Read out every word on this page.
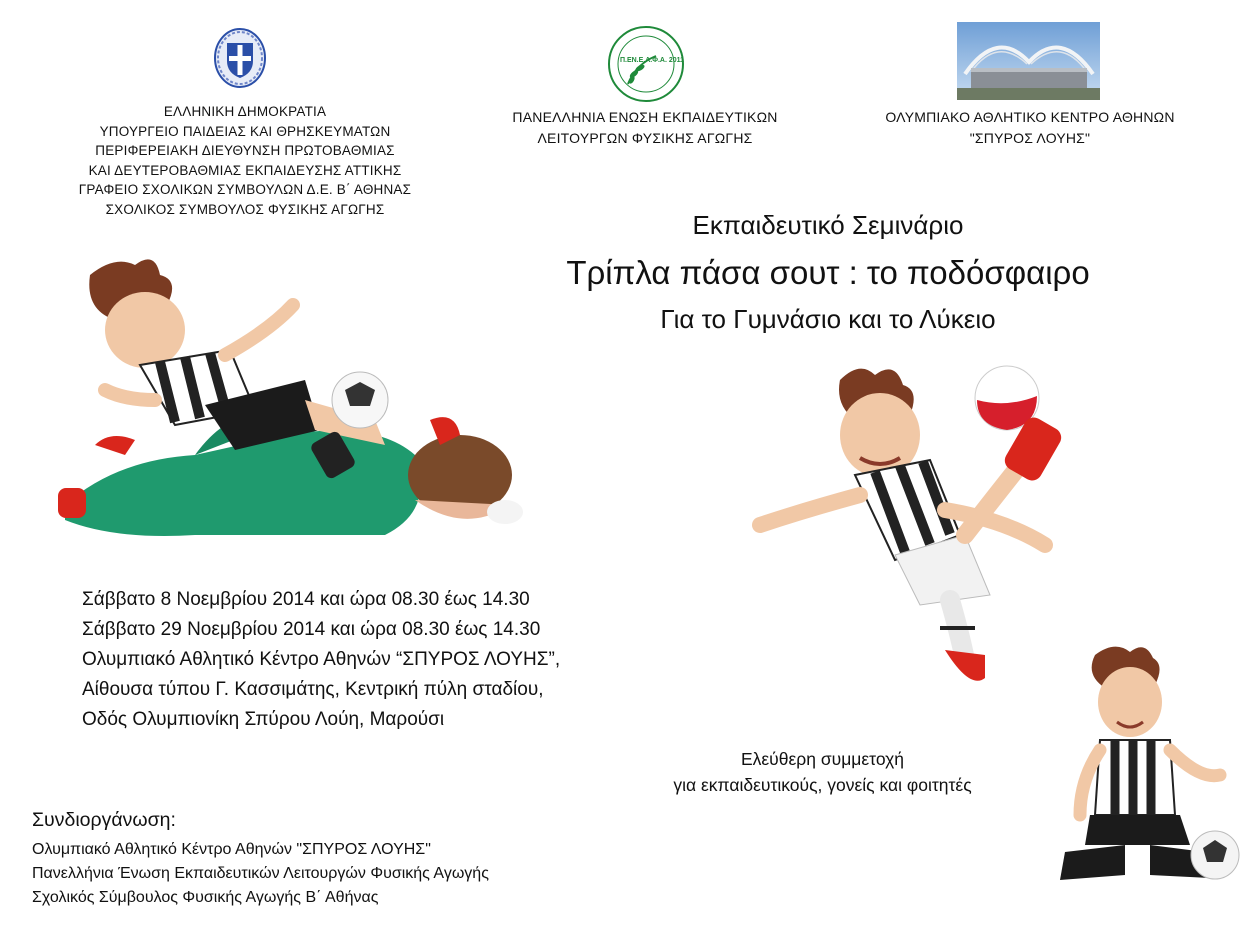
ΕΛΛΗΝΙΚΗ ΔΗΜΟΚΡΑΤΙΑ
ΥΠΟΥΡΓΕΙΟ ΠΑΙΔΕΙΑΣ ΚΑΙ ΘΡΗΣΚΕΥΜΑΤΩΝ
ΠΕΡΙΦΕΡΕΙΑΚΗ ΔΙΕΥΘΥΝΣΗ ΠΡΩΤΟΒΑΘΜΙΑΣ
ΚΑΙ ΔΕΥΤΕΡΟΒΑΘΜΙΑΣ ΕΚΠΑΙΔΕΥΣΗΣ ΑΤΤΙΚΗΣ
ΓΡΑΦΕΙΟ ΣΧΟΛΙΚΩΝ ΣΥΜΒΟΥΛΩΝ Δ.Ε. Β΄ ΑΘΗΝΑΣ
ΣΧΟΛΙΚΟΣ ΣΥΜΒΟΥΛΟΣ ΦΥΣΙΚΗΣ ΑΓΩΓΗΣ
Π.ΕΝ.Ε.Α.Φ.Α. 2011
ΠΑΝΕΛΛΗΝΙΑ ΕΝΩΣΗ ΕΚΠΑΙΔΕΥΤΙΚΩΝ
ΛΕΙΤΟΥΡΓΩΝ ΦΥΣΙΚΗΣ ΑΓΩΓΗΣ
ΟΛΥΜΠΙΑΚΟ ΑΘΛΗΤΙΚΟ ΚΕΝΤΡΟ ΑΘΗΝΩΝ
"ΣΠΥΡΟΣ ΛΟΥΗΣ"
Εκπαιδευτικό Σεμινάριο
Τρίπλα πάσα σουτ : το ποδόσφαιρο
Για το Γυμνάσιο και το Λύκειο
Σάββατο 8 Νοεμβρίου 2014 και ώρα 08.30 έως 14.30
Σάββατο 29 Νοεμβρίου 2014 και ώρα 08.30 έως 14.30
Ολυμπιακό Αθλητικό Κέντρο Αθηνών “ΣΠΥΡΟΣ ΛΟΥΗΣ”,
Αίθουσα τύπου Γ. Κασσιμάτης, Κεντρική πύλη σταδίου,
Οδός Ολυμπιονίκη Σπύρου Λούη, Μαρούσι
Ελεύθερη συμμετοχή
για εκπαιδευτικούς, γονείς και φοιτητές
Συνδιοργάνωση:
Ολυμπιακό Αθλητικό Κέντρο Αθηνών "ΣΠΥΡΟΣ ΛΟΥΗΣ"
Πανελλήνια Ένωση Εκπαιδευτικών Λειτουργών Φυσικής Αγωγής
Σχολικός Σύμβουλος Φυσικής Αγωγής Β΄ Αθήνας
